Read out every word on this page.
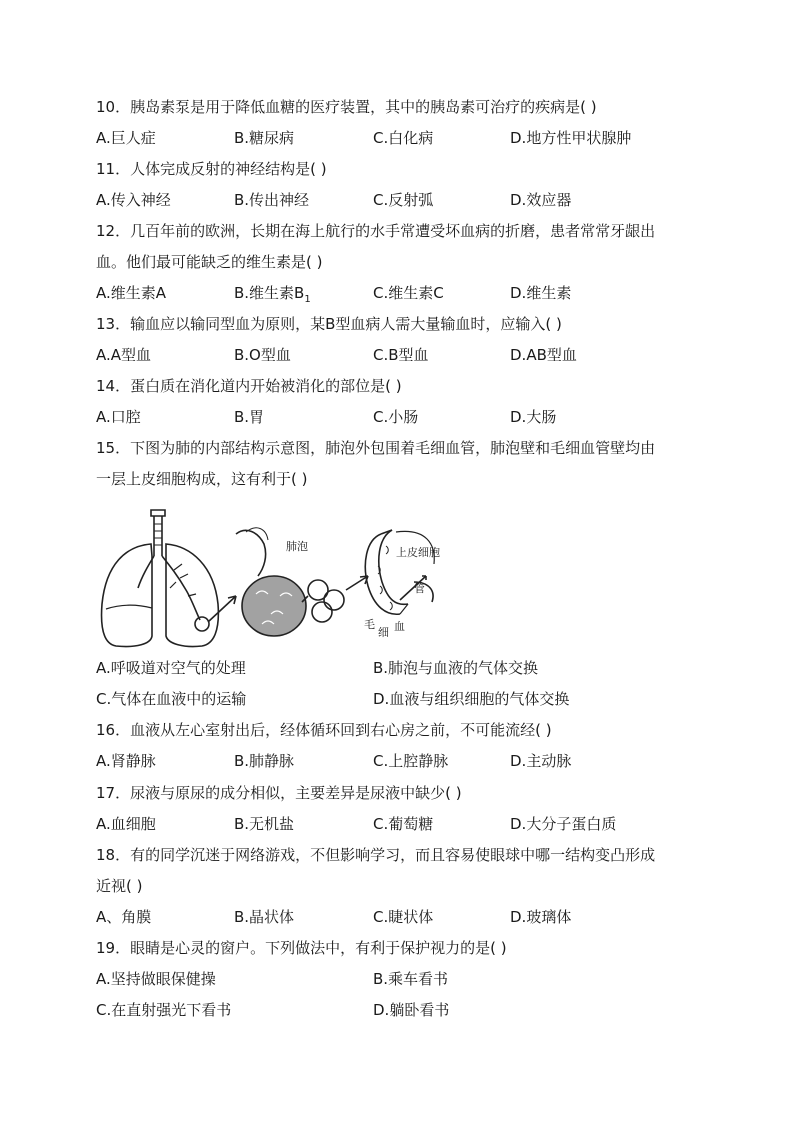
10．胰岛素泵是用于降低血糖的医疗装置，其中的胰岛素可治疗的疾病是( )
A.巨人症	B.糖尿病	C.白化病	D.地方性甲状腺肿
11．人体完成反射的神经结构是( )
A.传入神经	B.传出神经	C.反射弧	D.效应器
12．几百年前的欧洲，长期在海上航行的水手常遭受坏血病的折磨，患者常常牙龈出
血。他们最可能缺乏的维生素是( )
A.维生素A	B.维生素$B_1$	C.维生素C	D.维生素
13．输血应以输同型血为原则，某B型血病人需大量输血时，应输入( )
A.A型血	B.O型血	C.B型血	D.AB型血
14．蛋白质在消化道内开始被消化的部位是( )
A.口腔	B.胃	C.小肠	D.大肠
15．下图为肺的内部结构示意图，肺泡外包围着毛细血管，肺泡壁和毛细血管壁均由
一层上皮细胞构成，这有利于( )
肺泡	上皮细胞
管
毛
细 血
A.呼吸道对空气的处理	B.肺泡与血液的气体交换
C.气体在血液中的运输	D.血液与组织细胞的气体交换
16．血液从左心室射出后，经体循环回到右心房之前，不可能流经( )
A.肾静脉	B.肺静脉	C.上腔静脉	D.主动脉
17．尿液与原尿的成分相似，主要差异是尿液中缺少( )
A.血细胞	B.无机盐	C.葡萄糖	D.大分子蛋白质
18．有的同学沉迷于网络游戏，不但影响学习，而且容易使眼球中哪一结构变凸形成
近视( )
A、角膜	B.晶状体	C.睫状体	D.玻璃体
19．眼睛是心灵的窗户。下列做法中，有利于保护视力的是( )
A.坚持做眼保健操	B.乘车看书
C.在直射强光下看书	D.躺卧看书
